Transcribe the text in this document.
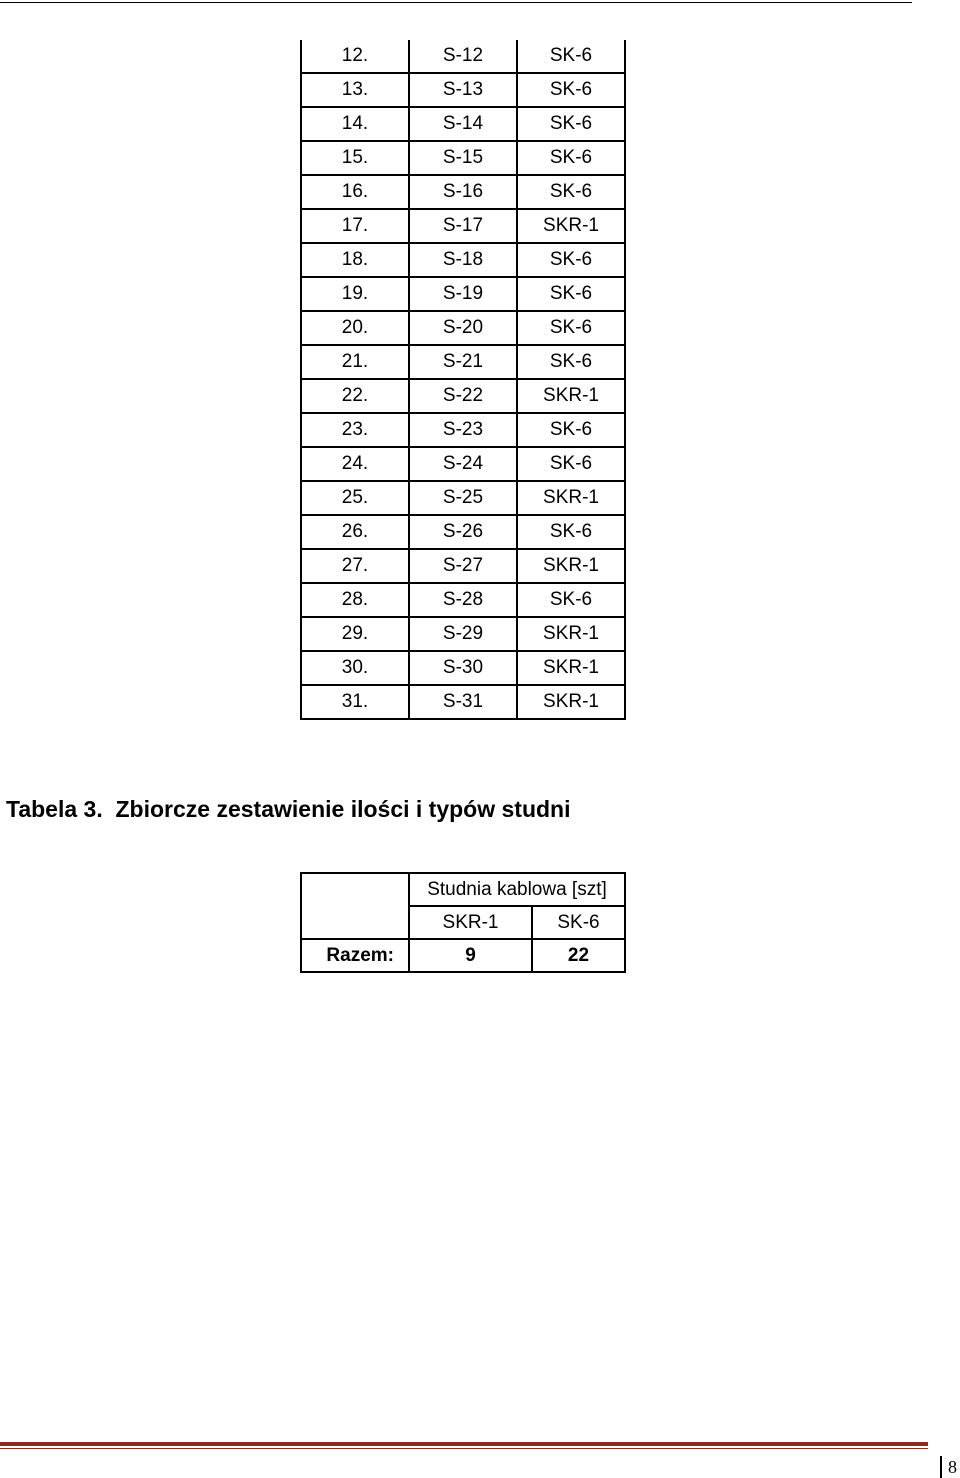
12.	S-12	SK-6
13.	S-13	SK-6
14.	S-14	SK-6
15.	S-15	SK-6
16.	S-16	SK-6
17.	S-17	SKR-1
18.	S-18	SK-6
19.	S-19	SK-6
20.	S-20	SK-6
21.	S-21	SK-6
22.	S-22	SKR-1
23.	S-23	SK-6
24.	S-24	SK-6
25.	S-25	SKR-1
26.	S-26	SK-6
27.	S-27	SKR-1
28.	S-28	SK-6
29.	S-29	SKR-1
30.	S-30	SKR-1
31.	S-31	SKR-1
Tabela 3.  Zbiorcze zestawienie ilości i typów studni
	Studnia kablowa [szt]	
	SKR-1	SK-6
Razem:	9	22
8
